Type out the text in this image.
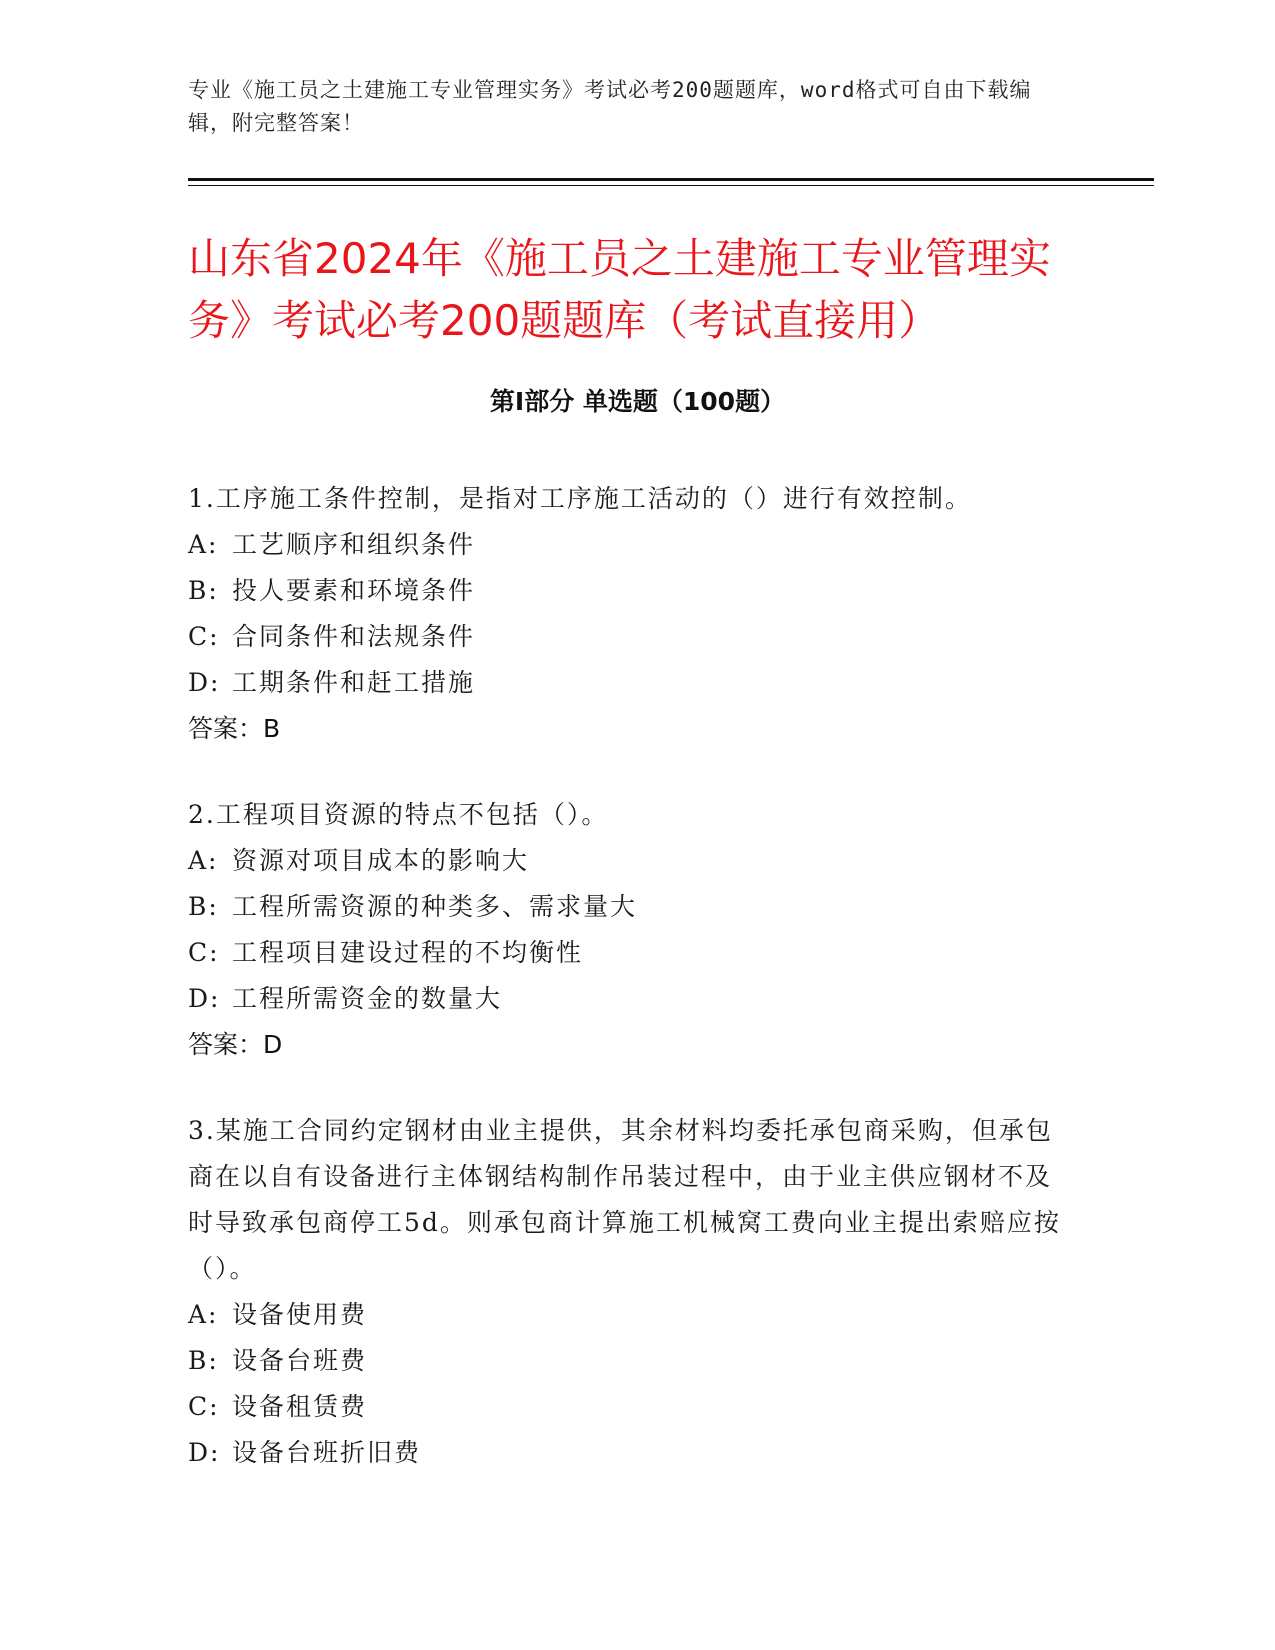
专业《施工员之土建施工专业管理实务》考试必考200题题库，word格式可自由下载编辑，附完整答案！
山东省2024年《施工员之土建施工专业管理实务》考试必考200题题库（考试直接用）
第Ⅰ部分 单选题（100题）
1.工序施工条件控制，是指对工序施工活动的（）进行有效控制。
A: 工艺顺序和组织条件
B: 投人要素和环境条件
C: 合同条件和法规条件
D: 工期条件和赶工措施
答案：B
2.工程项目资源的特点不包括（）。
A: 资源对项目成本的影响大
B: 工程所需资源的种类多、需求量大
C: 工程项目建设过程的不均衡性
D: 工程所需资金的数量大
答案：D
3.某施工合同约定钢材由业主提供，其余材料均委托承包商采购，但承包商在以自有设备进行主体钢结构制作吊装过程中，由于业主供应钢材不及时导致承包商停工5d。则承包商计算施工机械窝工费向业主提出索赔应按（）。
A: 设备使用费
B: 设备台班费
C: 设备租赁费
D: 设备台班折旧费
